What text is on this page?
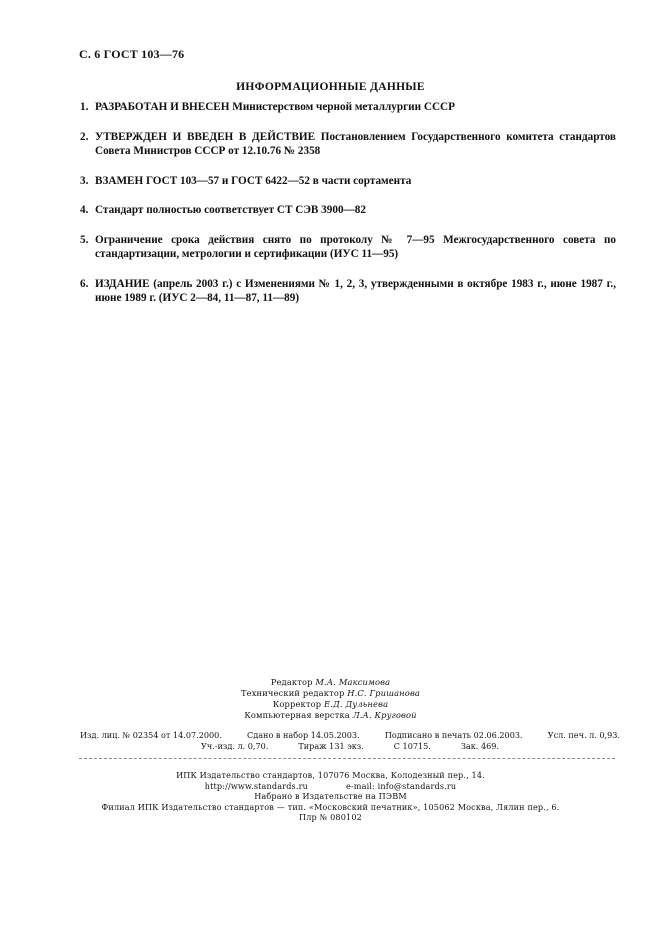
С. 6 ГОСТ 103—76
ИНФОРМАЦИОННЫЕ ДАННЫЕ
1. РАЗРАБОТАН И ВНЕСЕН Министерством черной металлургии СССР
2. УТВЕРЖДЕН И ВВЕДЕН В ДЕЙСТВИЕ Постановлением Государственного комитета стандартов Совета Министров СССР от 12.10.76 № 2358
3. ВЗАМЕН ГОСТ 103—57 и ГОСТ 6422—52 в части сортамента
4. Стандарт полностью соответствует СТ СЭВ 3900—82
5. Ограничение срока действия снято по протоколу № 7—95 Межгосударственного совета по стандартизации, метрологии и сертификации (ИУС 11—95)
6. ИЗДАНИЕ (апрель 2003 г.) с Изменениями № 1, 2, 3, утвержденными в октябре 1983 г., июне 1987 г., июне 1989 г. (ИУС 2—84, 11—87, 11—89)
Редактор М.А. Максимова
Технический редактор Н.С. Гришанова
Корректор Е.Д. Дульнева
Компьютерная верстка Л.А. Круговой
Изд. лиц. № 02354 от 14.07.2000.	Сдано в набор 14.05.2003.	Подписано в печать 02.06.2003.	Усл. печ. л. 0,93.
Уч.-изд. л. 0,70.	Тираж 131 экз.	С 10715.	Зак. 469.
ИПК Издательство стандартов, 107076 Москва, Колодезный пер., 14.
http://www.standards.ru	e-mail: info@standards.ru
Набрано в Издательстве на ПЭВМ
Филиал ИПК Издательство стандартов — тип. «Московский печатник», 105062 Москва, Лялин пер., 6.
Плр № 080102
